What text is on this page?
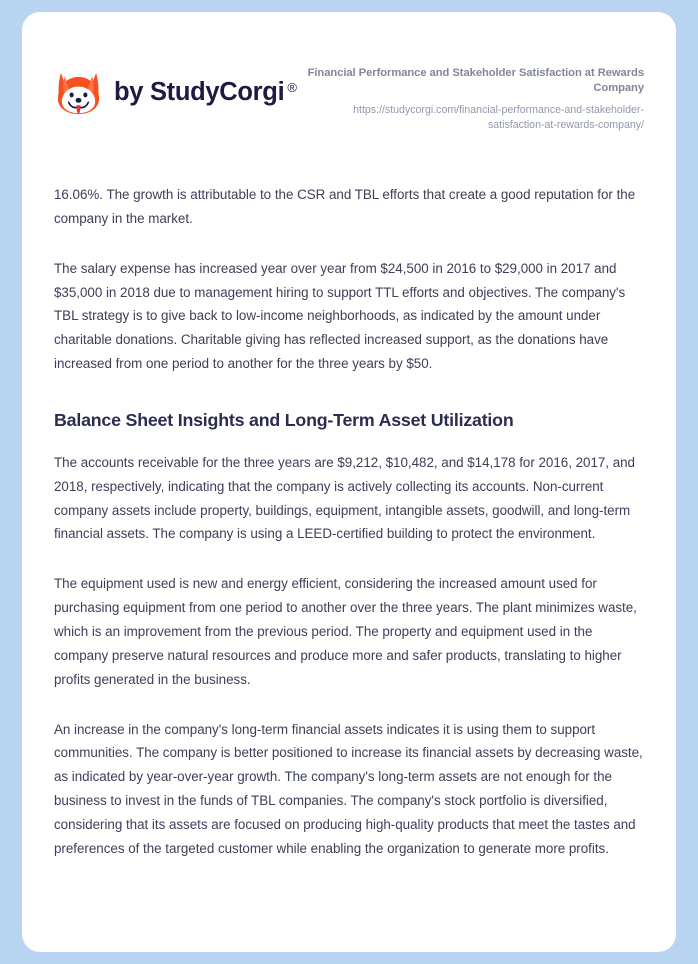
by StudyCorgi ®
Financial Performance and Stakeholder Satisfaction at Rewards Company
https://studycorgi.com/financial-performance-and-stakeholder-satisfaction-at-rewards-company/

16.06%. The growth is attributable to the CSR and TBL efforts that create a good reputation for the company in the market.

The salary expense has increased year over year from $24,500 in 2016 to $29,000 in 2017 and $35,000 in 2018 due to management hiring to support TTL efforts and objectives. The company's TBL strategy is to give back to low-income neighborhoods, as indicated by the amount under charitable donations. Charitable giving has reflected increased support, as the donations have increased from one period to another for the three years by $50.

Balance Sheet Insights and Long-Term Asset Utilization

The accounts receivable for the three years are $9,212, $10,482, and $14,178 for 2016, 2017, and 2018, respectively, indicating that the company is actively collecting its accounts. Non-current company assets include property, buildings, equipment, intangible assets, goodwill, and long-term financial assets. The company is using a LEED-certified building to protect the environment.

The equipment used is new and energy efficient, considering the increased amount used for purchasing equipment from one period to another over the three years. The plant minimizes waste, which is an improvement from the previous period. The property and equipment used in the company preserve natural resources and produce more and safer products, translating to higher profits generated in the business.

An increase in the company's long-term financial assets indicates it is using them to support communities. The company is better positioned to increase its financial assets by decreasing waste, as indicated by year-over-year growth. The company's long-term assets are not enough for the business to invest in the funds of TBL companies. The company's stock portfolio is diversified, considering that its assets are focused on producing high-quality products that meet the tastes and preferences of the targeted customer while enabling the organization to generate more profits.
